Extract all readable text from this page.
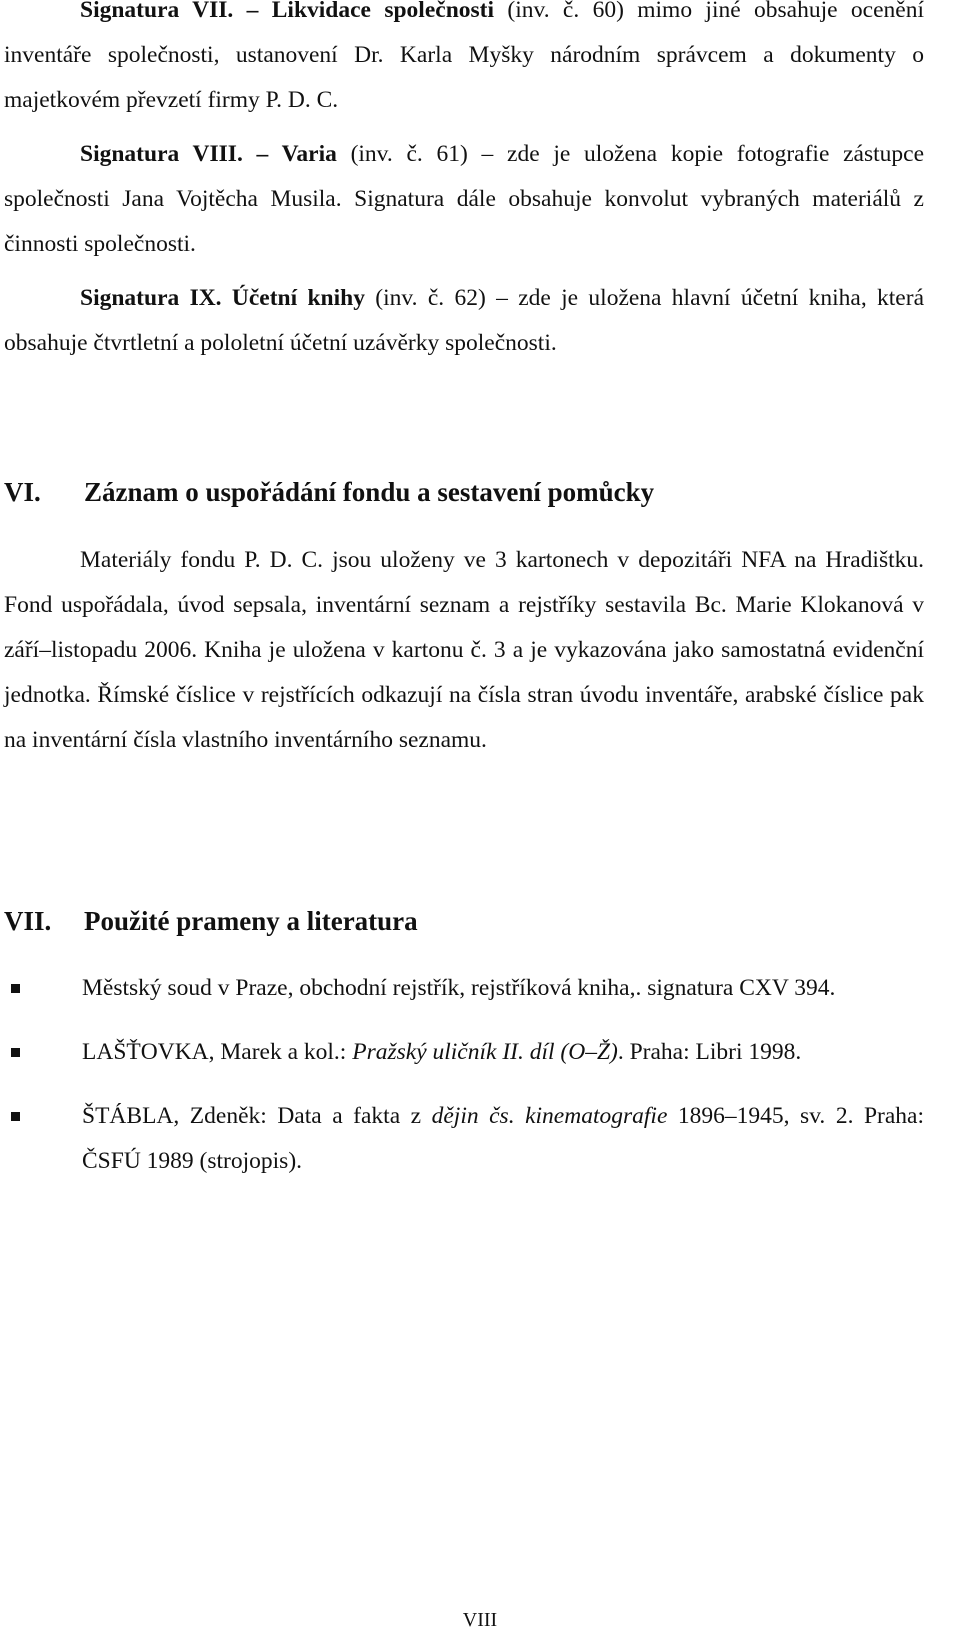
Signatura VII. – Likvidace společnosti (inv. č. 60) mimo jiné obsahuje ocenění inventáře společnosti, ustanovení Dr. Karla Myšky národním správcem a dokumenty o majetkovém převzetí firmy P. D. C.

Signatura VIII. – Varia (inv. č. 61) – zde je uložena kopie fotografie zástupce společnosti Jana Vojtěcha Musila. Signatura dále obsahuje konvolut vybraných materiálů z činnosti společnosti.

Signatura IX. Účetní knihy (inv. č. 62) – zde je uložena hlavní účetní kniha, která obsahuje čtvrtletní a pololetní účetní uzávěrky společnosti.

VI. Záznam o uspořádání fondu a sestavení pomůcky

Materiály fondu P. D. C. jsou uloženy ve 3 kartonech v depozitáři NFA na Hradištku. Fond uspořádala, úvod sepsala, inventární seznam a rejstříky sestavila Bc. Marie Klokanová v září–listopadu 2006. Kniha je uložena v kartonu č. 3 a je vykazována jako samostatná evidenční jednotka. Římské číslice v rejstřících odkazují na čísla stran úvodu inventáře, arabské číslice pak na inventární čísla vlastního inventárního seznamu.

VII. Použité prameny a literatura

Městský soud v Praze, obchodní rejstřík, rejstříková kniha,. signatura CXV 394.

LAŠŤOVKA, Marek a kol.: Pražský uličník II. díl (O–Ž). Praha: Libri 1998.

ŠTÁBLA, Zdeněk: Data a fakta z dějin čs. kinematografie 1896–1945, sv. 2. Praha: ČSFÚ 1989 (strojopis).

VIII
